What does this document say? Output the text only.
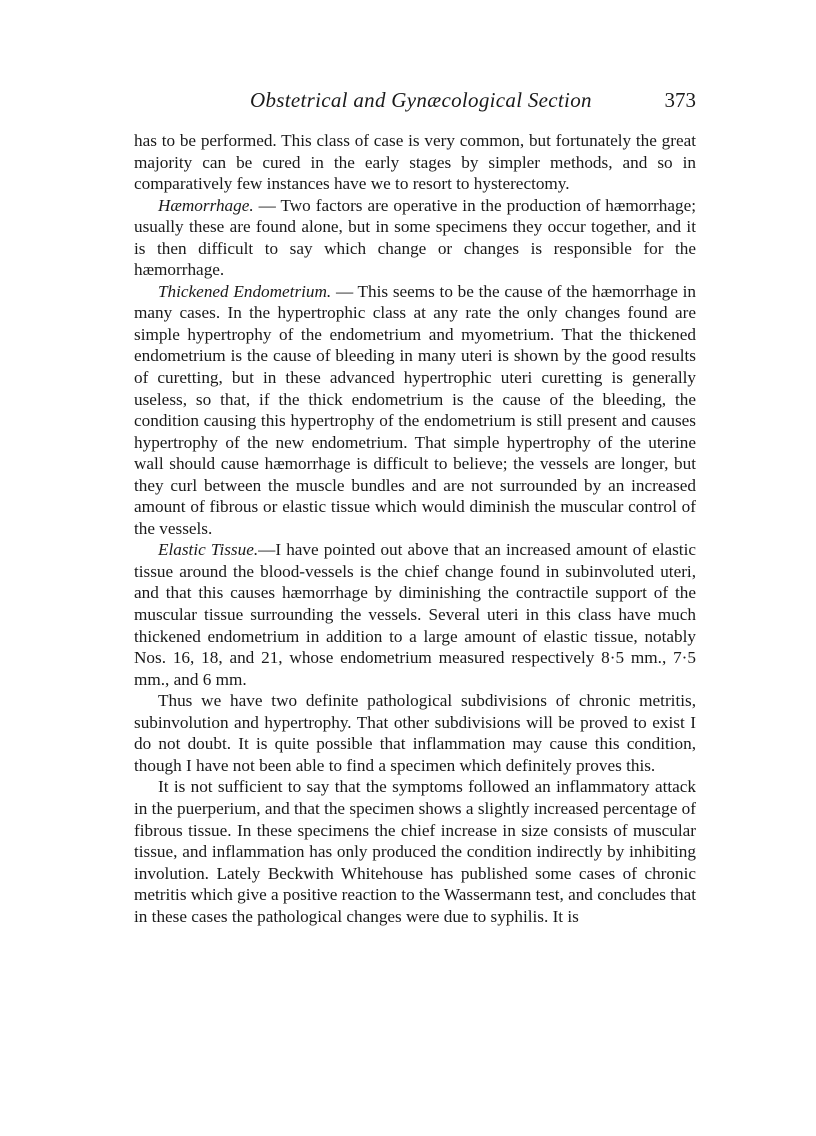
Obstetrical and Gynæcological Section	373

has to be performed. This class of case is very common, but fortunately the great majority can be cured in the early stages by simpler methods, and so in comparatively few instances have we to resort to hysterectomy.

Hæmorrhage. — Two factors are operative in the production of hæmorrhage; usually these are found alone, but in some specimens they occur together, and it is then difficult to say which change or changes is responsible for the hæmorrhage.

Thickened Endometrium. — This seems to be the cause of the hæmorrhage in many cases. In the hypertrophic class at any rate the only changes found are simple hypertrophy of the endometrium and myometrium. That the thickened endometrium is the cause of bleeding in many uteri is shown by the good results of curetting, but in these advanced hypertrophic uteri curetting is generally useless, so that, if the thick endometrium is the cause of the bleeding, the condition causing this hypertrophy of the endometrium is still present and causes hypertrophy of the new endometrium. That simple hypertrophy of the uterine wall should cause hæmorrhage is difficult to believe; the vessels are longer, but they curl between the muscle bundles and are not surrounded by an increased amount of fibrous or elastic tissue which would diminish the muscular control of the vessels.

Elastic Tissue.—I have pointed out above that an increased amount of elastic tissue around the blood-vessels is the chief change found in subinvoluted uteri, and that this causes hæmorrhage by diminishing the contractile support of the muscular tissue surrounding the vessels. Several uteri in this class have much thickened endometrium in addition to a large amount of elastic tissue, notably Nos. 16, 18, and 21, whose endometrium measured respectively 8·5 mm., 7·5 mm., and 6 mm.

Thus we have two definite pathological subdivisions of chronic metritis, subinvolution and hypertrophy. That other subdivisions will be proved to exist I do not doubt. It is quite possible that inflammation may cause this condition, though I have not been able to find a specimen which definitely proves this.

It is not sufficient to say that the symptoms followed an inflammatory attack in the puerperium, and that the specimen shows a slightly increased percentage of fibrous tissue. In these specimens the chief increase in size consists of muscular tissue, and inflammation has only produced the condition indirectly by inhibiting involution. Lately Beckwith Whitehouse has published some cases of chronic metritis which give a positive reaction to the Wassermann test, and concludes that in these cases the pathological changes were due to syphilis. It is
